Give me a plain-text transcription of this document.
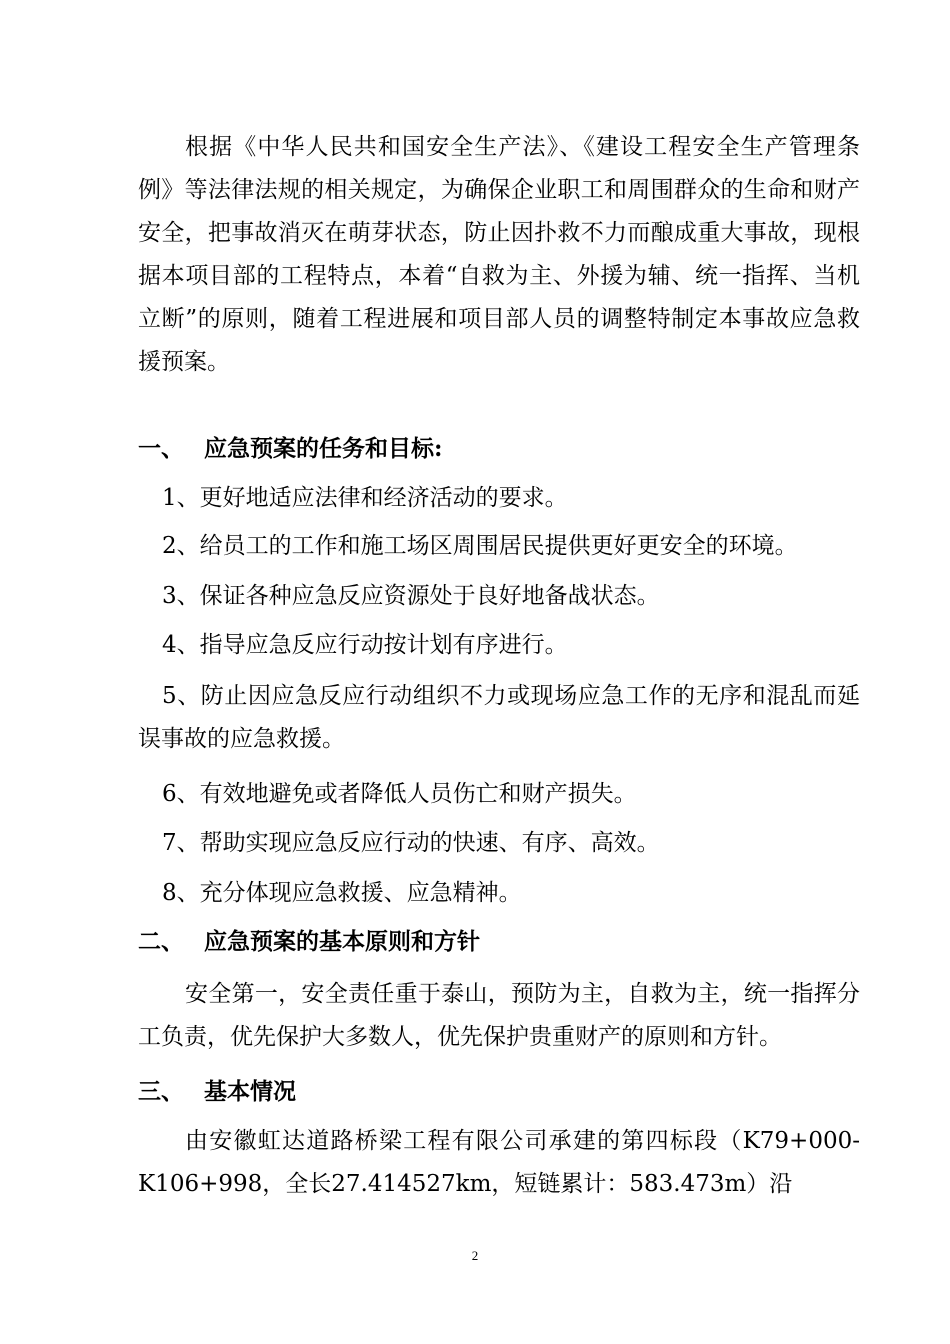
根据《中华人民共和国安全生产法》、《建设工程安全生产管理条例》等法律法规的相关规定，为确保企业职工和周围群众的生命和财产安全，把事故消灭在萌芽状态，防止因扑救不力而酿成重大事故，现根据本项目部的工程特点，本着“自救为主、外援为辅、统一指挥、当机立断”的原则，随着工程进展和项目部人员的调整特制定本事故应急救援预案。

一、 应急预案的任务和目标:

1、更好地适应法律和经济活动的要求。

2、给员工的工作和施工场区周围居民提供更好更安全的环境。

3、保证各种应急反应资源处于良好地备战状态。

4、指导应急反应行动按计划有序进行。

5、防止因应急反应行动组织不力或现场应急工作的无序和混乱而延误事故的应急救援。

6、有效地避免或者降低人员伤亡和财产损失。

7、帮助实现应急反应行动的快速、有序、高效。

8、充分体现应急救援、应急精神。

二、 应急预案的基本原则和方针

安全第一，安全责任重于泰山，预防为主，自救为主，统一指挥分工负责，优先保护大多数人，优先保护贵重财产的原则和方针。

三、 基本情况

由安徽虹达道路桥梁工程有限公司承建的第四标段（K79+000-K106+998，全长27.414527km，短链累计：583.473m）沿

2
